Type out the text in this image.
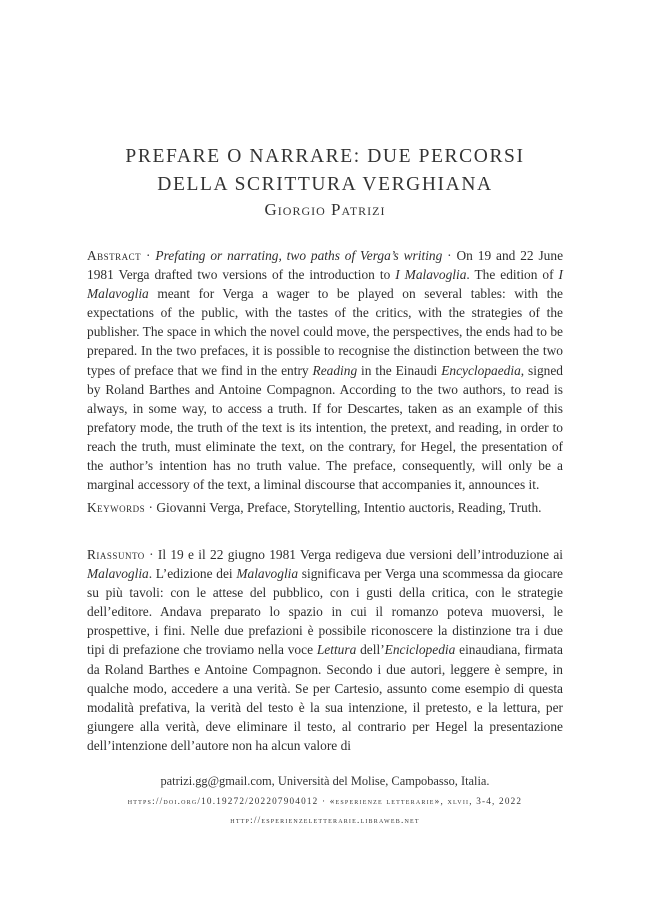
PREFARE O NARRARE: DUE PERCORSI
DELLA SCRITTURA VERGHIANA
Giorgio Patrizi
Abstract · Prefating or narrating, two paths of Verga’s writing · On 19 and 22 June 1981 Verga drafted two versions of the introduction to I Malavoglia. The edition of I Malavoglia meant for Verga a wager to be played on several tables: with the expectations of the public, with the tastes of the critics, with the strategies of the publisher. The space in which the novel could move, the perspectives, the ends had to be prepared. In the two prefaces, it is possible to recognise the distinction between the two types of preface that we find in the entry Reading in the Einaudi Encyclopaedia, signed by Roland Barthes and Antoine Compagnon. According to the two authors, to read is always, in some way, to access a truth. If for Descartes, taken as an example of this prefatory mode, the truth of the text is its intention, the pretext, and reading, in order to reach the truth, must eliminate the text, on the contrary, for Hegel, the presentation of the author’s intention has no truth value. The preface, consequently, will only be a marginal accessory of the text, a liminal discourse that accompanies it, announces it.
Keywords · Giovanni Verga, Preface, Storytelling, Intentio auctoris, Reading, Truth.
Riassunto · Il 19 e il 22 giugno 1981 Verga redigeva due versioni dell’introduzione ai Malavoglia. L’edizione dei Malavoglia significava per Verga una scommessa da giocare su più tavoli: con le attese del pubblico, con i gusti della critica, con le strategie dell’editore. Andava preparato lo spazio in cui il romanzo poteva muoversi, le prospettive, i fini. Nelle due prefazioni è possibile riconoscere la distinzione tra i due tipi di prefazione che troviamo nella voce Lettura dell’Enciclopedia einaudiana, firmata da Roland Barthes e Antoine Compagnon. Secondo i due autori, leggere è sempre, in qualche modo, accedere a una verità. Se per Cartesio, assunto come esempio di questa modalità prefativa, la verità del testo è la sua intenzione, il pretesto, e la lettura, per giungere alla verità, deve eliminare il testo, al contrario per Hegel la presentazione dell’intenzione dell’autore non ha alcun valore di
patrizi.gg@gmail.com, Università del Molise, Campobasso, Italia.
https://doi.org/10.19272/202207904012 · «esperienze letterarie», xlvii, 3-4, 2022
http://esperienzeletterarie.libraweb.net
